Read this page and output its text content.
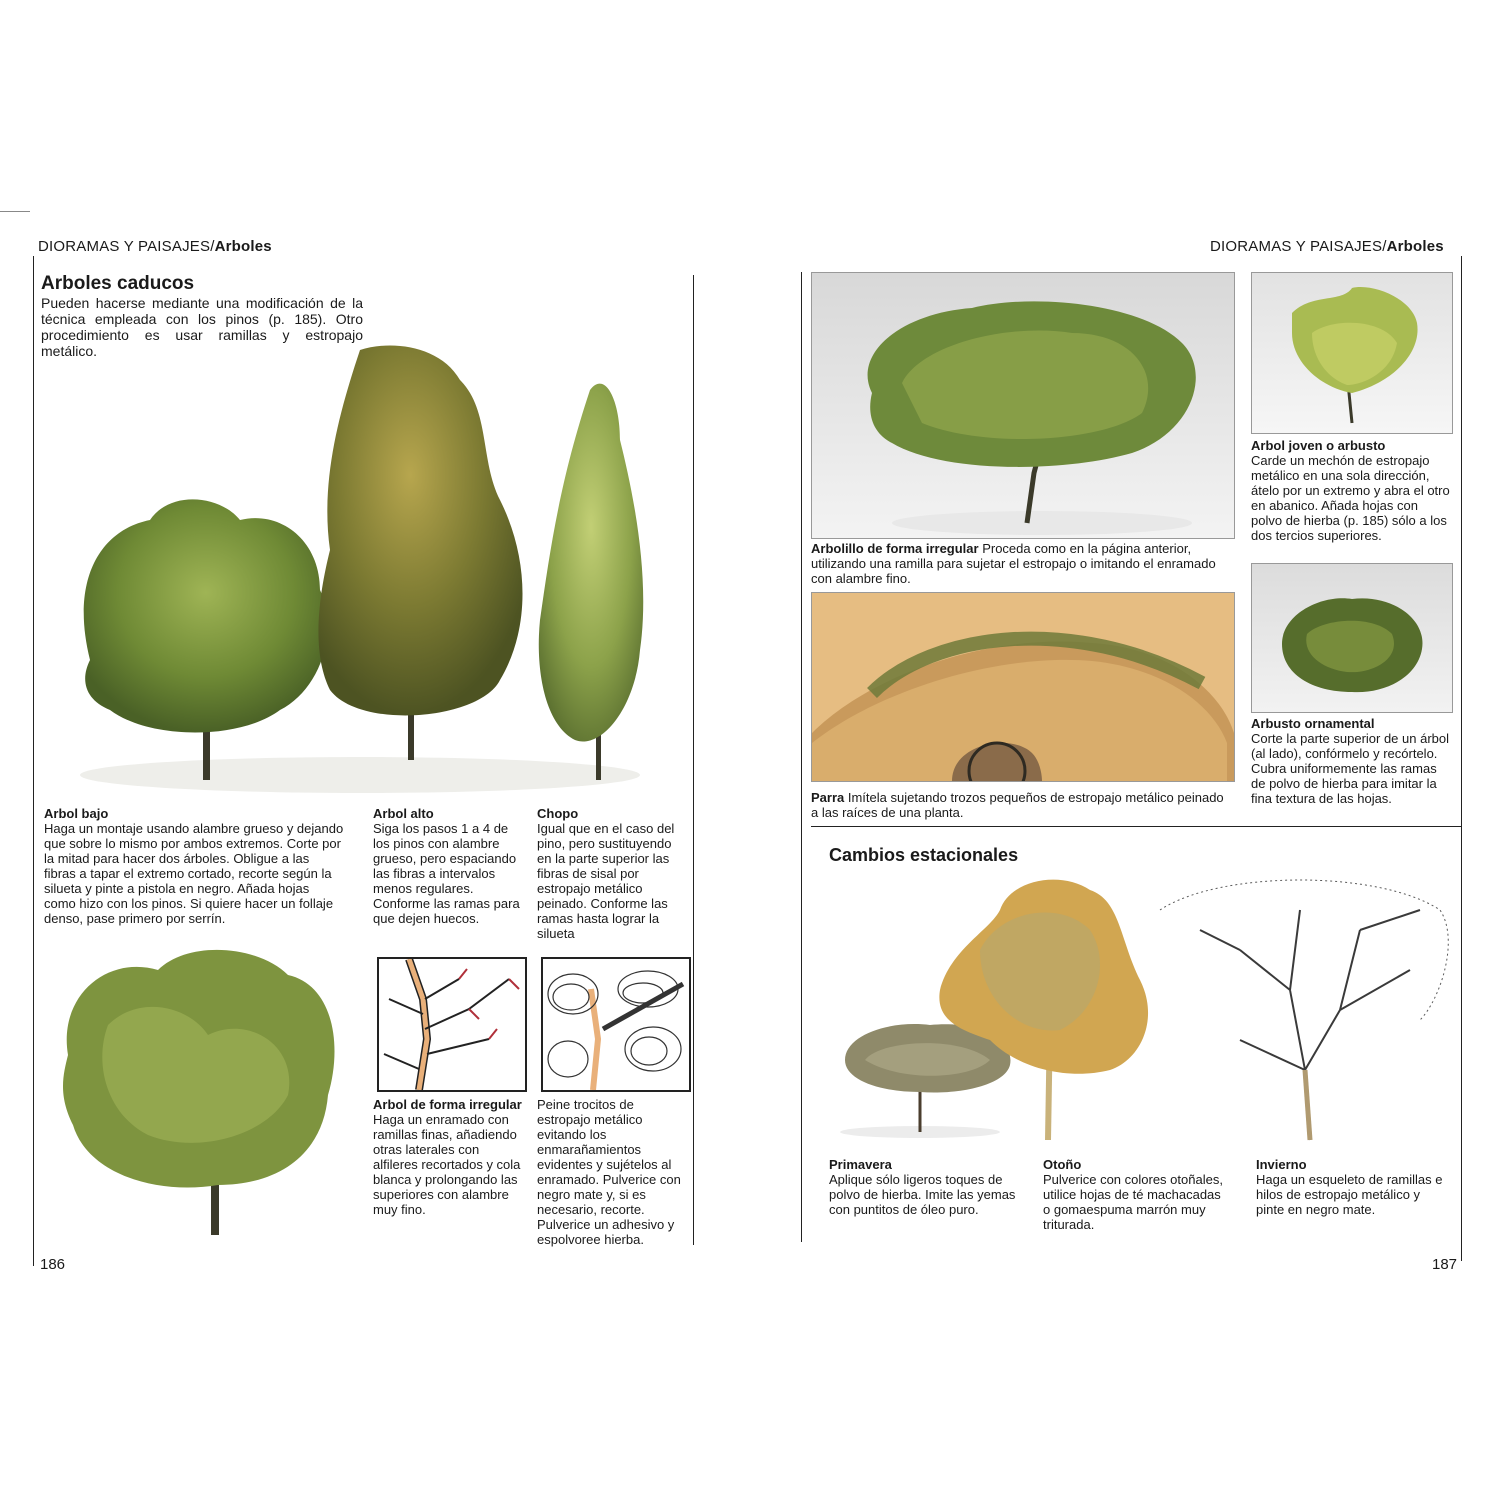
DIORAMAS Y PAISAJES/Arboles
Arboles caducos
Pueden hacerse mediante una modificación de la técnica empleada con los pinos (p. 185). Otro procedimiento es usar ramillas y estropajo metálico.
Arbol bajo
Haga un montaje usando alambre grueso y dejando que sobre lo mismo por ambos extremos. Corte por la mitad para hacer dos árboles. Obligue a las fibras a tapar el extremo cortado, recorte según la silueta y pinte a pistola en negro. Añada hojas como hizo con los pinos. Si quiere hacer un follaje denso, pase primero por serrín.
Arbol alto
Siga los pasos 1 a 4 de los pinos con alambre grueso, pero espaciando las fibras a intervalos menos regulares. Conforme las ramas para que dejen huecos.
Chopo
Igual que en el caso del pino, pero sustituyendo en la parte superior las fibras de sisal por estropajo metálico peinado. Conforme las ramas hasta lograr la silueta
Arbol de forma irregular
Haga un enramado con ramillas finas, añadiendo otras laterales con alfileres recortados y cola blanca y prolongando las superiores con alambre muy fino.
Peine trocitos de estropajo metálico evitando los enmarañamientos evidentes y sujételos al enramado. Pulverice con negro mate y, si es necesario, recorte. Pulverice un adhesivo y espolvoree hierba.
186
DIORAMAS Y PAISAJES/Arboles
Arbol joven o arbusto
Carde un mechón de estropajo metálico en una sola dirección, átelo por un extremo y abra el otro en abanico. Añada hojas con polvo de hierba (p. 185) sólo a los dos tercios superiores.
Arbolillo de forma irregular Proceda como en la página anterior, utilizando una ramilla para sujetar el estropajo o imitando el enramado con alambre fino.
Arbusto ornamental
Corte la parte superior de un árbol (al lado), confórmelo y recórtelo. Cubra uniformemente las ramas de polvo de hierba para imitar la fina textura de las hojas.
Parra Imítela sujetando trozos pequeños de estropajo metálico peinado a las raíces de una planta.
Cambios estacionales
Primavera
Aplique sólo ligeros toques de polvo de hierba. Imite las yemas con puntitos de óleo puro.
Otoño
Pulverice con colores otoñales, utilice hojas de té machacadas o gomaespuma marrón muy triturada.
Invierno
Haga un esqueleto de ramillas e hilos de estropajo metálico y pinte en negro mate.
187
